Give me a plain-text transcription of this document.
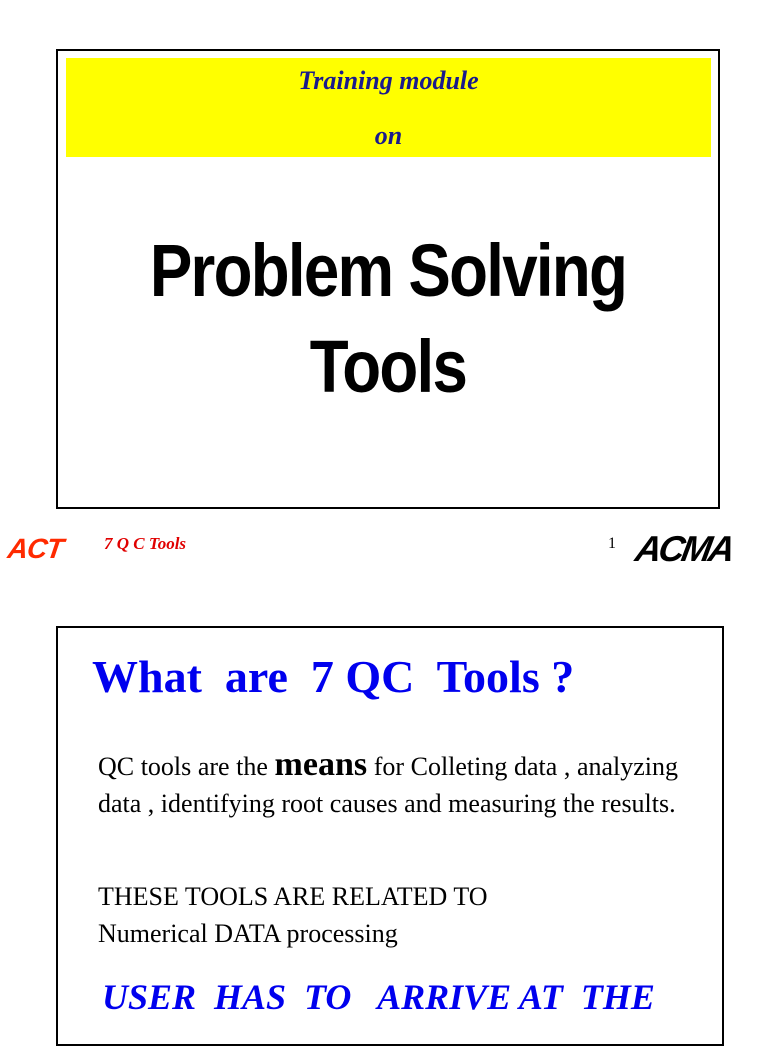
Training module
on
Problem Solving
Tools
ACT 7 Q C Tools	1 ACMA
What  are  7 QC  Tools ?
QC tools are the means for Colleting data , analyzing data , identifying root causes and measuring the results.
THESE TOOLS ARE RELATED TO
Numerical DATA processing
USER  HAS  TO   ARRIVE AT  THE
